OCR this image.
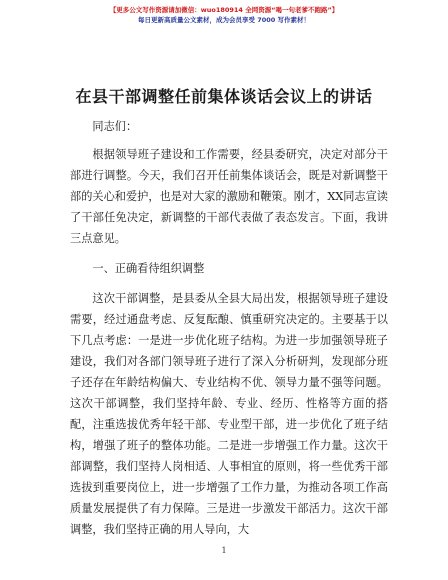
【更多公文写作资源请加微信：wuo180914 全网资源“喝一句老爹不跑路”】
每日更新高质量公文素材，成为会员享受 7000 写作素材！
在县干部调整任前集体谈话会议上的讲话

同志们：

根据领导班子建设和工作需要，经县委研究，决定对部分干部进行调整。今天，我们召开任前集体谈话会，既是对新调整干部的关心和爱护，也是对大家的激励和鞭策。刚才，XX同志宣读了干部任免决定，新调整的干部代表做了表态发言。下面，我讲三点意见。

一、正确看待组织调整

这次干部调整，是县委从全县大局出发，根据领导班子建设需要，经过通盘考虑、反复酝酿、慎重研究决定的。主要基于以下几点考虑：一是进一步优化班子结构。为进一步加强领导班子建设，我们对各部门领导班子进行了深入分析研判，发现部分班子还存在年龄结构偏大、专业结构不优、领导力量不强等问题。这次干部调整，我们坚持年龄、专业、经历、性格等方面的搭配，注重选拔优秀年轻干部、专业型干部，进一步优化了班子结构，增强了班子的整体功能。二是进一步增强工作力量。这次干部调整，我们坚持人岗相适、人事相宜的原则，将一些优秀干部选拔到重要岗位上，进一步增强了工作力量，为推动各项工作高质量发展提供了有力保障。三是进一步激发干部活力。这次干部调整，我们坚持正确的用人导向，大

1
